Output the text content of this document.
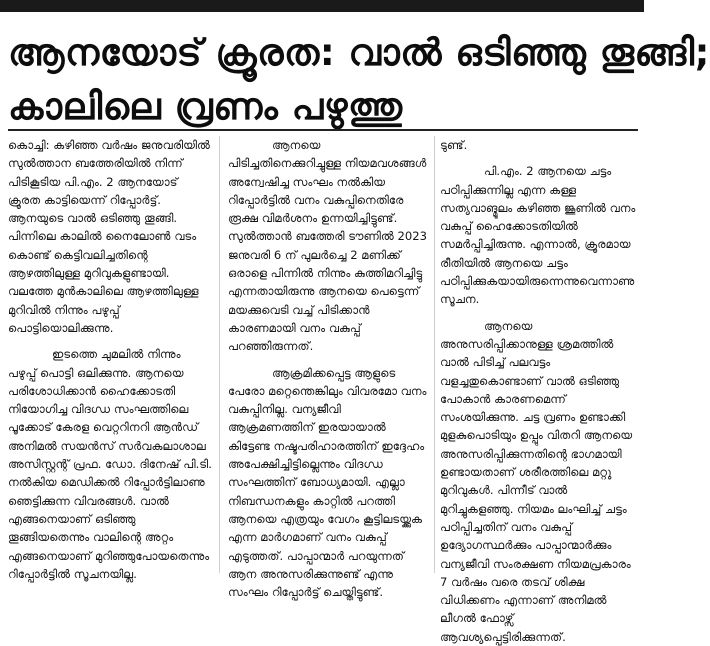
ആനയോട് ക്രൂരത: വാൽ ഒടിഞ്ഞു തൂങ്ങി;
കാലിലെ വ്രണം പഴുത്തു

കൊച്ചി: കഴിഞ്ഞ വർഷം ജനുവരിയിൽ സുൽത്താന ബത്തേരിയിൽ നിന്ന് പിടികൂടിയ പി.എം. 2 ആനയോട് ക്രൂരത കാട്ടിയെന്ന് റിപ്പോർട്ട്. ആനയുടെ വാൽ ഒടിഞ്ഞു തൂങ്ങി. പിന്നിലെ കാലിൽ നൈലോൺ വടം കൊണ്ട് കെട്ടിവലിച്ചതിന്റെ ആഴത്തിലുള്ള മുറിവുകളുണ്ടായി. വലത്തേ മുൻകാലിലെ ആഴത്തിലുള്ള മുറിവിൽ നിന്നും പഴുപ്പ് പൊട്ടിയൊലിക്കുന്നു.

ഇടത്തെ ചുമലിൽ നിന്നും പഴുപ്പ് പൊട്ടി ഒലിക്കുന്നു. ആനയെ പരിശോധിക്കാൻ ഹൈക്കോടതി നിയോഗിച്ച വിദഗ്ധ സംഘത്തിലെ പൂക്കോട് കേരള വെറ്ററിനറി ആൻഡ് അനിമൽ സയൻസ് സർവകലാശാല അസിസ്റ്റന്റ് പ്രഫ. ഡോ. ദിനേഷ് പി.ടി. നൽകിയ മെഡിക്കൽ റിപ്പോർട്ടിലാണു ഞെട്ടിക്കുന്ന വിവരങ്ങൾ. വാൽ എങ്ങനെയാണ് ഒടിഞ്ഞു തൂങ്ങിയതെന്നും വാലിന്റെ അറ്റം എങ്ങനെയാണ് മുറിഞ്ഞുപോയതെന്നും റിപ്പോർട്ടിൽ സൂചനയില്ല.

ആനയെ പിടിച്ചതിനെക്കുറിച്ചുള്ള നിയമവശങ്ങൾ അന്വേഷിച്ച സംഘം നൽകിയ റിപ്പോർട്ടിൽ വനം വകുപ്പിനെതിരേ രൂക്ഷ വിമർശനം ഉന്നയിച്ചിട്ടുണ്ട്. സുൽത്താൻ ബത്തേരി ടൗണിൽ 2023 ജനുവരി 6 ന് പുലർച്ചെ 2 മണിക്ക് ഒരാളെ പിന്നിൽ നിന്നും കുത്തിമറിച്ചിട്ടു എന്നതായിരുന്നു ആനയെ പെട്ടെന്ന് മയക്കുവെടി വച്ച് പിടിക്കാൻ കാരണമായി വനം വകുപ്പ് പറഞ്ഞിരുന്നത്.

ആക്രമിക്കപ്പെട്ട ആളുടെ പേരോ മറ്റെന്തെങ്കിലും വിവരമോ വനം വകുപ്പിനില്ല. വന്യജീവി ആക്രമണത്തിന് ഇരയായാൽ കിട്ടേണ്ട നഷ്ടപരിഹാരത്തിന് ഇദ്ദേഹം അപേക്ഷിച്ചിട്ടില്ലെന്നും വിദഗ്ധ സംഘത്തിന് ബോധ്യമായി. എല്ലാ നിബന്ധനകളും കാറ്റിൽ പറത്തി ആനയെ എത്രയും വേഗം കൂട്ടിലടയ്ക്കുക എന്ന മാർഗമാണ് വനം വകുപ്പ് എടുത്തത്. പാപ്പാന്മാർ പറയുന്നത് ആന അനുസരിക്കുന്നുണ്ട് എന്നു സംഘം റിപ്പോർട്ട് ചെയ്തിട്ടുണ്ട്.

ടുണ്ട്.

പി.എം. 2 ആനയെ ചട്ടം പഠിപ്പിക്കുന്നില്ല എന്ന കള്ള സത്യവാങ്മൂലം കഴിഞ്ഞ ജൂണിൽ വനം വകുപ്പ് ഹൈക്കോടതിയിൽ സമർപ്പിച്ചിരുന്നു. എന്നാൽ, ക്രൂരമായ രീതിയിൽ ആനയെ ചട്ടം പഠിപ്പിക്കുകയായിരുന്നെന്നുവെന്നാണു സൂചന.

ആനയെ അനുസരിപ്പിക്കാനുള്ള ശ്രമത്തിൽ വാൽ പിടിച്ച് പലവട്ടം വളച്ചതുകൊണ്ടാണ് വാൽ ഒടിഞ്ഞു പോകാൻ കാരണമെന്ന് സംശയിക്കുന്നു. ചട്ട വ്രണം ഉണ്ടാക്കി മുളകുപൊടിയും ഉപ്പും വിതറി ആനയെ അനുസരിപ്പിക്കുന്നതിന്റെ ഭാഗമായി ഉണ്ടായതാണ് ശരീരത്തിലെ മറ്റു മുറിവുകൾ. പിന്നീട് വാൽ മുറിച്ചുകളഞ്ഞു. നിയമം ലംഘിച്ച് ചട്ടം പഠിപ്പിച്ചതിന് വനം വകുപ്പ് ഉദ്യോഗസ്ഥർക്കും പാപ്പാന്മാർക്കും വന്യജീവി സംരക്ഷണ നിയമപ്രകാരം 7 വർഷം വരെ തടവ് ശിക്ഷ വിധിക്കണം എന്നാണ് അനിമൽ ലീഗൽ ഫോഴ്സ് ആവശ്യപ്പെട്ടിരിക്കുന്നത്.
